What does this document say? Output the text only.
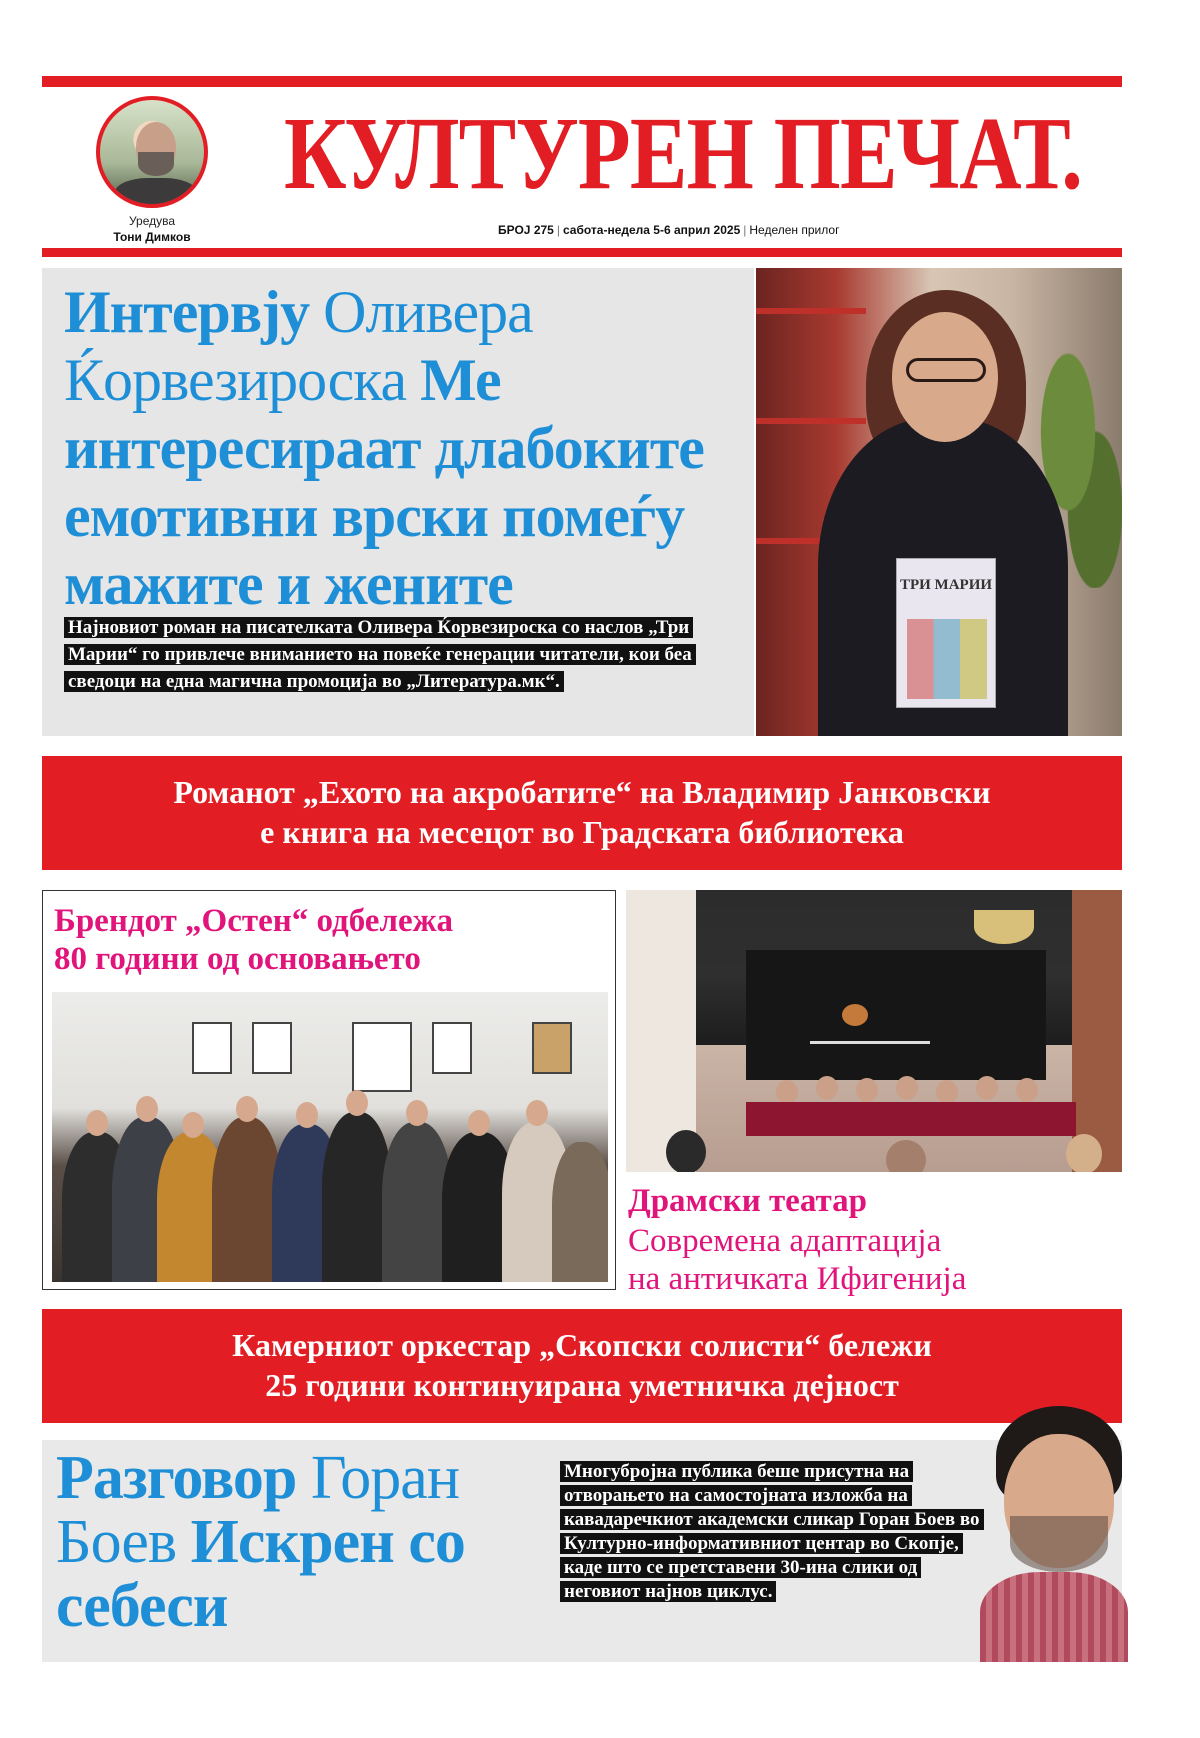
Уредува
Тони Димков
КУЛТУРЕН ПЕЧАТ.
БРОЈ 275 | сабота-недела 5-6 април 2025 | Неделен прилог
Интервју Оливера Ќорвезироска Ме интересираат длабоките емотивни врски помеѓу мажите и жените
Најновиот роман на писателката Оливера Ќорвезироска со наслов „Три Марии“ го привлече вниманието на повеќе генерации читатели, кои беа сведоци на една магична промоција во „Литература.мк“.
ТРИ МАРИИ
Романот „Ехото на акробатите“ на Владимир Јанковски
е книга на месецот во Градската библиотека
Брендот „Остен“ одбележа
80 години од основањето
Драмски театар
Современа адаптација
на античката Ифигенија
Камерниот оркестар „Скопски солисти“ бележи
25 години континуирана уметничка дејност
Разговор Горан Боев Искрен со себеси
Многубројна публика беше присутна на отворањето на самостојната изложба на кавадаречкиот академски сликар Горан Боев во Културно-информативниот центар во Скопје, каде што се претставени 30-ина слики од неговиот најнов циклус.
